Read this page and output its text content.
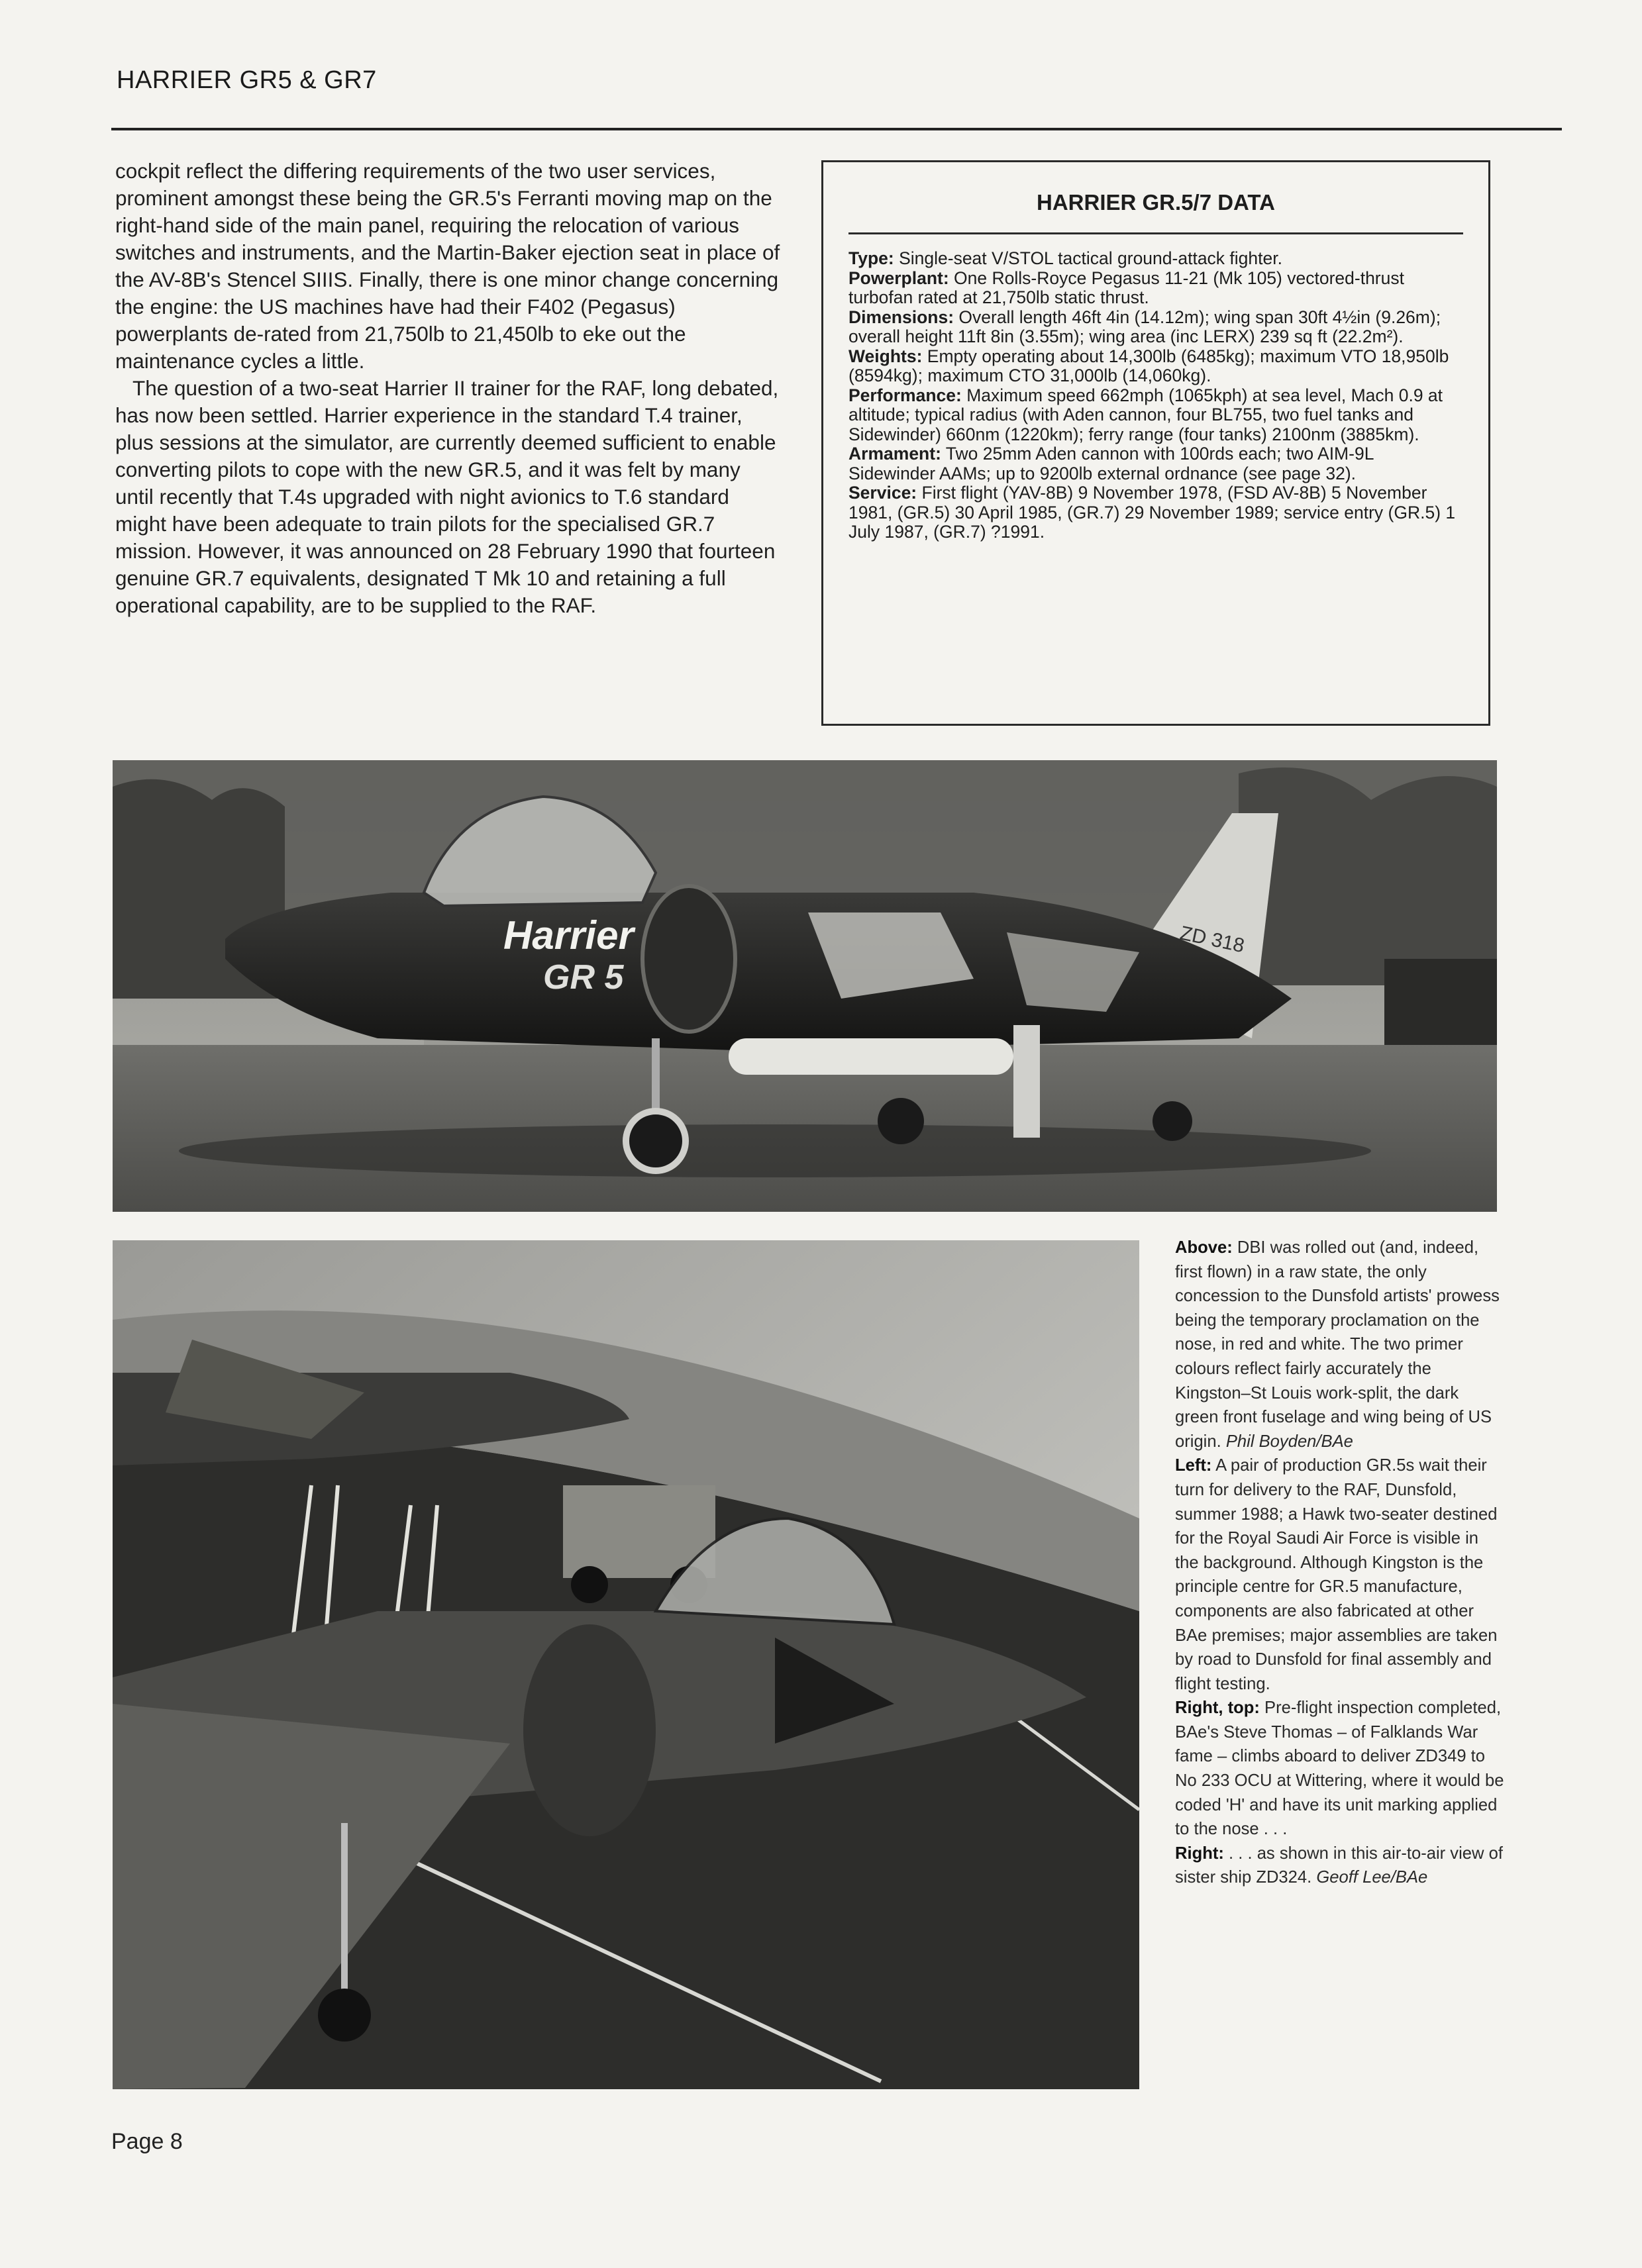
HARRIER GR5 & GR7

cockpit reflect the differing requirements of the two user services, prominent amongst these being the GR.5's Ferranti moving map on the right-hand side of the main panel, requiring the relocation of various switches and instruments, and the Martin-Baker ejection seat in place of the AV-8B's Stencel SIIIS. Finally, there is one minor change concerning the engine: the US machines have had their F402 (Pegasus) powerplants de-rated from 21,750lb to 21,450lb to eke out the maintenance cycles a little.

The question of a two-seat Harrier II trainer for the RAF, long debated, has now been settled. Harrier experience in the standard T.4 trainer, plus sessions at the simulator, are currently deemed sufficient to enable converting pilots to cope with the new GR.5, and it was felt by many until recently that T.4s upgraded with night avionics to T.6 standard might have been adequate to train pilots for the specialised GR.7 mission. However, it was announced on 28 February 1990 that fourteen genuine GR.7 equivalents, designated T Mk 10 and retaining a full operational capability, are to be supplied to the RAF.

HARRIER GR.5/7 DATA

Type: Single-seat V/STOL tactical ground-attack fighter.

Powerplant: One Rolls-Royce Pegasus 11-21 (Mk 105) vectored-thrust turbofan rated at 21,750lb static thrust.

Dimensions: Overall length 46ft 4in (14.12m); wing span 30ft 4½in (9.26m); overall height 11ft 8in (3.55m); wing area (inc LERX) 239 sq ft (22.2m²).

Weights: Empty operating about 14,300lb (6485kg); maximum VTO 18,950lb (8594kg); maximum CTO 31,000lb (14,060kg).

Performance: Maximum speed 662mph (1065kph) at sea level, Mach 0.9 at altitude; typical radius (with Aden cannon, four BL755, two fuel tanks and Sidewinder) 660nm (1220km); ferry range (four tanks) 2100nm (3885km).

Armament: Two 25mm Aden cannon with 100rds each; two AIM-9L Sidewinder AAMs; up to 9200lb external ordnance (see page 32).

Service: First flight (YAV-8B) 9 November 1978, (FSD AV-8B) 5 November 1981, (GR.5) 30 April 1985, (GR.7) 29 November 1989; service entry (GR.5) 1 July 1987, (GR.7) ?1991.

Harrier
GR 5
ZD 318

Above: DBI was rolled out (and, indeed, first flown) in a raw state, the only concession to the Dunsfold artists' prowess being the temporary proclamation on the nose, in red and white. The two primer colours reflect fairly accurately the Kingston–St Louis work-split, the dark green front fuselage and wing being of US origin. Phil Boyden/BAe

Left: A pair of production GR.5s wait their turn for delivery to the RAF, Dunsfold, summer 1988; a Hawk two-seater destined for the Royal Saudi Air Force is visible in the background. Although Kingston is the principle centre for GR.5 manufacture, components are also fabricated at other BAe premises; major assemblies are taken by road to Dunsfold for final assembly and flight testing.

Right, top: Pre-flight inspection completed, BAe's Steve Thomas – of Falklands War fame – climbs aboard to deliver ZD349 to No 233 OCU at Wittering, where it would be coded 'H' and have its unit marking applied to the nose . . .

Right: . . . as shown in this air-to-air view of sister ship ZD324. Geoff Lee/BAe

Page 8
